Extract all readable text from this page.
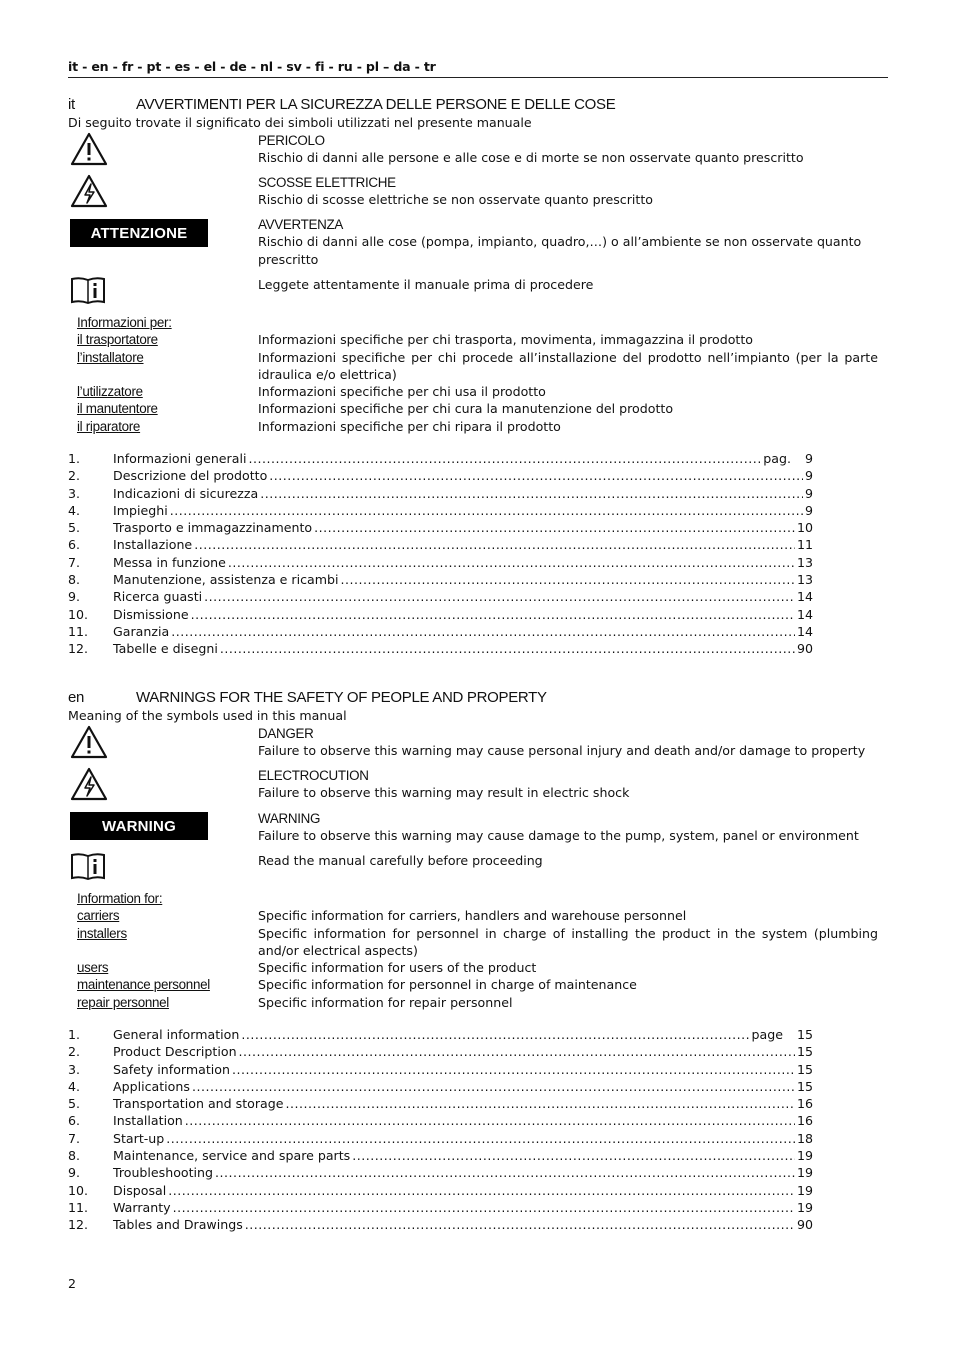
it - en - fr - pt - es - el - de - nl - sv - fi - ru - pl – da - tr
it	AVVERTIMENTI PER LA SICUREZZA DELLE PERSONE E DELLE COSE
Di seguito trovate il significato dei simboli utilizzati nel presente manuale
PERICOLO
Rischio di danni alle persone e alle cose e di morte se non osservate quanto prescritto
SCOSSE ELETTRICHE
Rischio di scosse elettriche se non osservate quanto prescritto
ATTENZIONE	AVVERTENZA
Rischio di danni alle cose (pompa, impianto, quadro,…) o all’ambiente se non osservate quanto prescritto
Leggete attentamente il manuale prima di procedere
Informazioni per:
il trasportatore	Informazioni specifiche per chi trasporta, movimenta, immagazzina il prodotto
l’installatore	Informazioni specifiche per chi procede all’installazione del prodotto nell’impianto (per la parte idraulica e/o elettrica)
l’utilizzatore	Informazioni specifiche per chi usa il prodotto
il manutentore	Informazioni specifiche per chi cura la manutenzione del prodotto
il riparatore	Informazioni specifiche per chi ripara il prodotto
1.	Informazioni generali .....	pag. 9
2.	Descrizione del prodotto .....	9
3.	Indicazioni di sicurezza .....	9
4.	Impieghi .....	9
5.	Trasporto e immagazzinamento .....	10
6.	Installazione .....	11
7.	Messa in funzione .....	13
8.	Manutenzione, assistenza e ricambi .....	13
9.	Ricerca guasti .....	14
10.	Dismissione .....	14
11.	Garanzia .....	14
12.	Tabelle e disegni .....	90
en	WARNINGS FOR THE SAFETY OF PEOPLE AND PROPERTY
Meaning of the symbols used in this manual
DANGER
Failure to observe this warning may cause personal injury and death and/or damage to property
ELECTROCUTION
Failure to observe this warning may result in electric shock
WARNING	WARNING
Failure to observe this warning may cause damage to the pump, system, panel or environment
Read the manual carefully before proceeding
Information for:
carriers	Specific information for carriers, handlers and warehouse personnel
installers	Specific information for personnel in charge of installing the product in the system (plumbing and/or electrical aspects)
users	Specific information for users of the product
maintenance personnel	Specific information for personnel in charge of maintenance
repair personnel	Specific information for repair personnel
1.	General information .....	page 15
2.	Product Description .....	15
3.	Safety information .....	15
4.	Applications .....	15
5.	Transportation and storage .....	16
6.	Installation .....	16
7.	Start-up .....	18
8.	Maintenance, service and spare parts .....	19
9.	Troubleshooting .....	19
10.	Disposal .....	19
11.	Warranty .....	19
12.	Tables and Drawings .....	90
2
